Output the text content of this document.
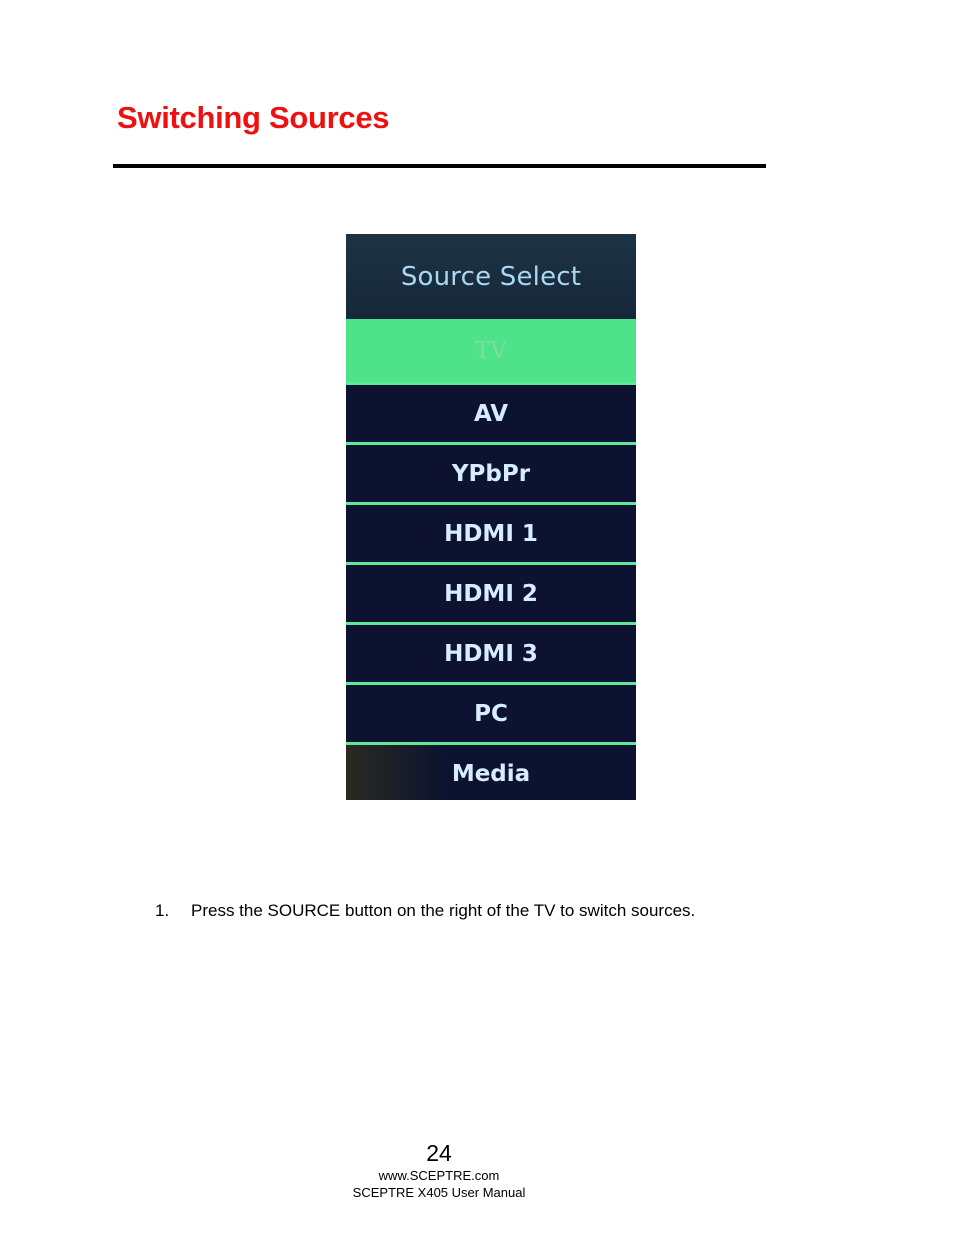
Switching Sources
Source Select
TV
AV
YPbPr
HDMI 1
HDMI 2
HDMI 3
PC
Media
1.	Press the SOURCE button on the right of the TV to switch sources.
24
www.SCEPTRE.com
SCEPTRE X405 User Manual
